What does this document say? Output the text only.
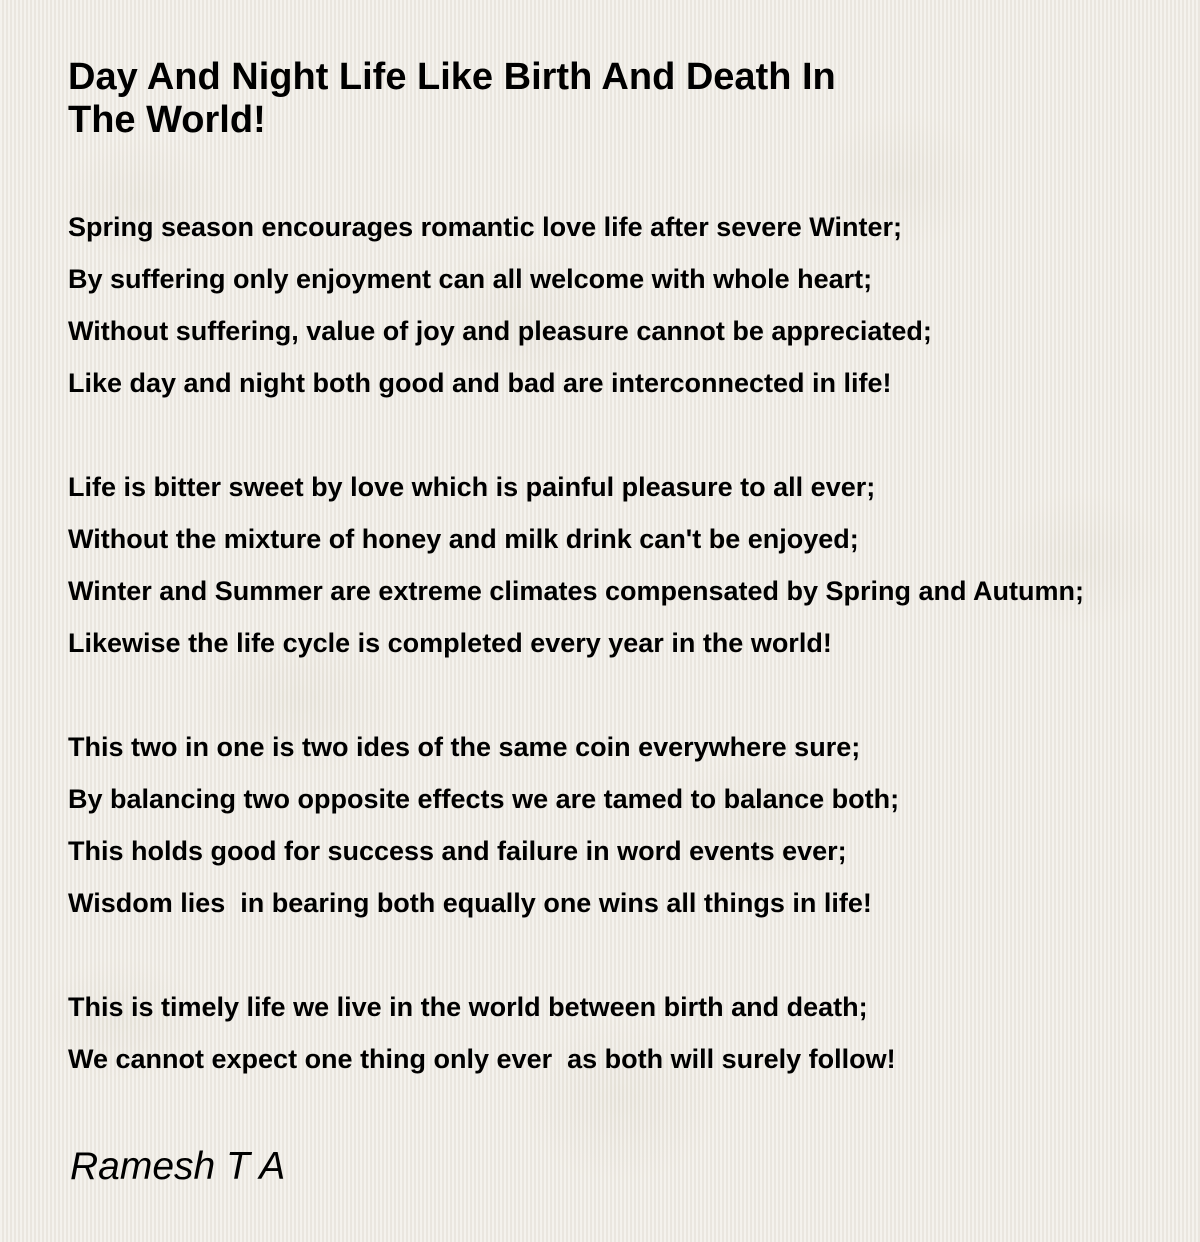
Day And Night Life Like Birth And Death In
The World!
Spring season encourages romantic love life after severe Winter;
By suffering only enjoyment can all welcome with whole heart;
Without suffering, value of joy and pleasure cannot be appreciated;
Like day and night both good and bad are interconnected in life!
Life is bitter sweet by love which is painful pleasure to all ever;
Without the mixture of honey and milk drink can't be enjoyed;
Winter and Summer are extreme climates compensated by Spring and Autumn;
Likewise the life cycle is completed every year in the world!
This two in one is two ides of the same coin everywhere sure;
By balancing two opposite effects we are tamed to balance both;
This holds good for success and failure in word events ever;
Wisdom lies  in bearing both equally one wins all things in life!
This is timely life we live in the world between birth and death;
We cannot expect one thing only ever  as both will surely follow!

Ramesh T A
